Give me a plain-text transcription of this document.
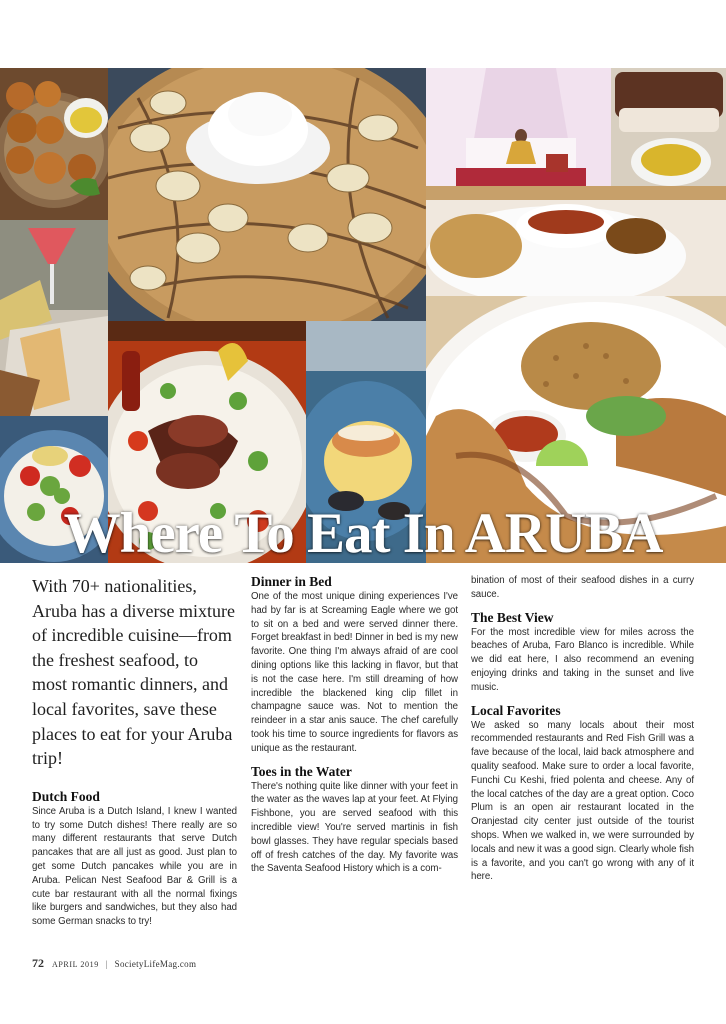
Where To Eat In ARUBA

With 70+ nationalities, Aruba has a diverse mixture of incredible cuisine—from the freshest seafood, to most romantic dinners, and local favorites, save these places to eat for your Aruba trip!

Dutch Food

Since Aruba is a Dutch Island, I knew I wanted to try some Dutch dishes! There really are so many different restaurants that serve Dutch pancakes that are all just as good. Just plan to get some Dutch pancakes while you are in Aruba. Pelican Nest Seafood Bar & Grill is a cute bar restaurant with all the normal fixings like burgers and sandwiches, but they also had some German snacks to try!

Dinner in Bed

One of the most unique dining experiences I've had by far is at Screaming Eagle where we got to sit on a bed and were served dinner there. Forget breakfast in bed! Dinner in bed is my new favorite. One thing I'm always afraid of are cool dining options like this lacking in flavor, but that is not the case here. I'm still dreaming of how incredible the blackened king clip fillet in champagne sauce was. Not to mention the reindeer in a star anis sauce. The chef carefully took his time to source ingredients for flavors as unique as the restaurant.

Toes in the Water

There's nothing quite like dinner with your feet in the water as the waves lap at your feet. At Flying Fishbone, you are served seafood with this incredible view! You're served martinis in fish bowl glasses. They have regular specials based off of fresh catches of the day. My favorite was the Saventa Seafood History which is a com-

bination of most of their seafood dishes in a curry sauce.

The Best View

For the most incredible view for miles across the beaches of Aruba, Faro Blanco is incredible. While we did eat here, I also recommend an evening enjoying drinks and taking in the sunset and live music.

Local Favorites

We asked so many locals about their most recommended restaurants and Red Fish Grill was a fave because of the local, laid back atmosphere and quality seafood. Make sure to order a local favorite, Funchi Cu Keshi, fried polenta and cheese. Any of the local catches of the day are a great option. Coco Plum is an open air restaurant located in the Oranjestad city center just outside of the tourist shops. When we walked in, we were surrounded by locals and new it was a good sign. Clearly whole fish is a favorite, and you can't go wrong with any of it here.

72 APRIL 2019 | SocietyLifeMag.com
